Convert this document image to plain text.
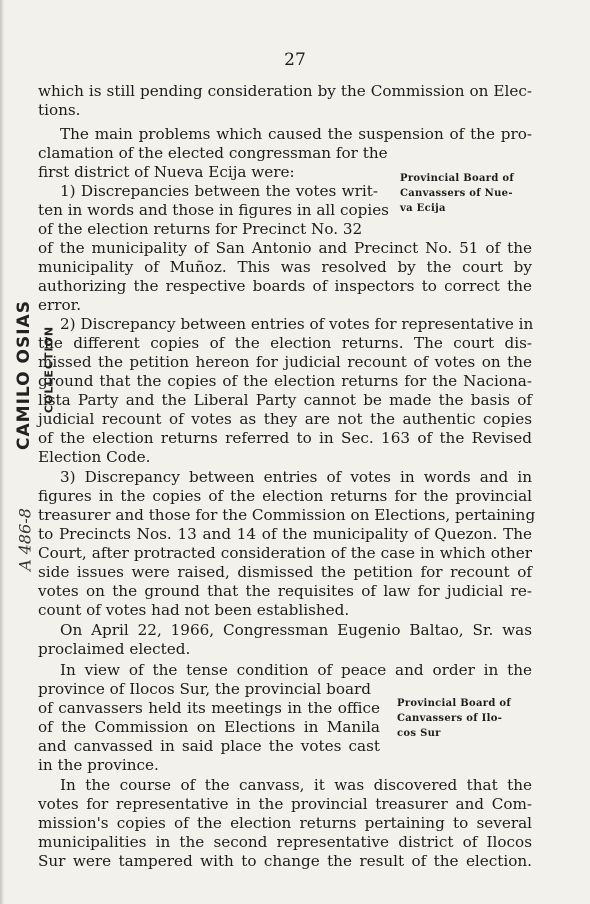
27
which is still pending consideration by the Commission on Elec-
tions.
The main problems which caused the suspension of the pro-
clamation of the elected congressman for the
first district of Nueva Ecija were:
1) Discrepancies between the votes writ-
ten in words and those in figures in all copies
of the election returns for Precinct No. 32
of the municipality of San Antonio and Precinct No. 51 of the
municipality of Muñoz. This was resolved by the court by
authorizing the respective boards of inspectors to correct the
error.
2) Discrepancy between entries of votes for representative in
the different copies of the election returns. The court dis-
missed the petition hereon for judicial recount of votes on the
ground that the copies of the election returns for the Naciona-
lista Party and the Liberal Party cannot be made the basis of
judicial recount of votes as they are not the authentic copies
of the election returns referred to in Sec. 163 of the Revised
Election Code.
3) Discrepancy between entries of votes in words and in
figures in the copies of the election returns for the provincial
treasurer and those for the Commission on Elections, pertaining
to Precincts Nos. 13 and 14 of the municipality of Quezon. The
Court, after protracted consideration of the case in which other
side issues were raised, dismissed the petition for recount of
votes on the ground that the requisites of law for judicial re-
count of votes had not been established.
On April 22, 1966, Congressman Eugenio Baltao, Sr. was
proclaimed elected.
In view of the tense condition of peace and order in the
province of Ilocos Sur, the provincial board
of canvassers held its meetings in the office
of the Commission on Elections in Manila
and canvassed in said place the votes cast
in the province.
In the course of the canvass, it was discovered that the
votes for representative in the provincial treasurer and Com-
mission's copies of the election returns pertaining to several
municipalities in the second representative district of Ilocos
Sur were tampered with to change the result of the election.
Provincial Board of
Canvassers of Nue-
va Ecija
Provincial Board of
Canvassers of Ilo-
cos Sur
CAMILO OSIAS COLLECTION
A 486-8
